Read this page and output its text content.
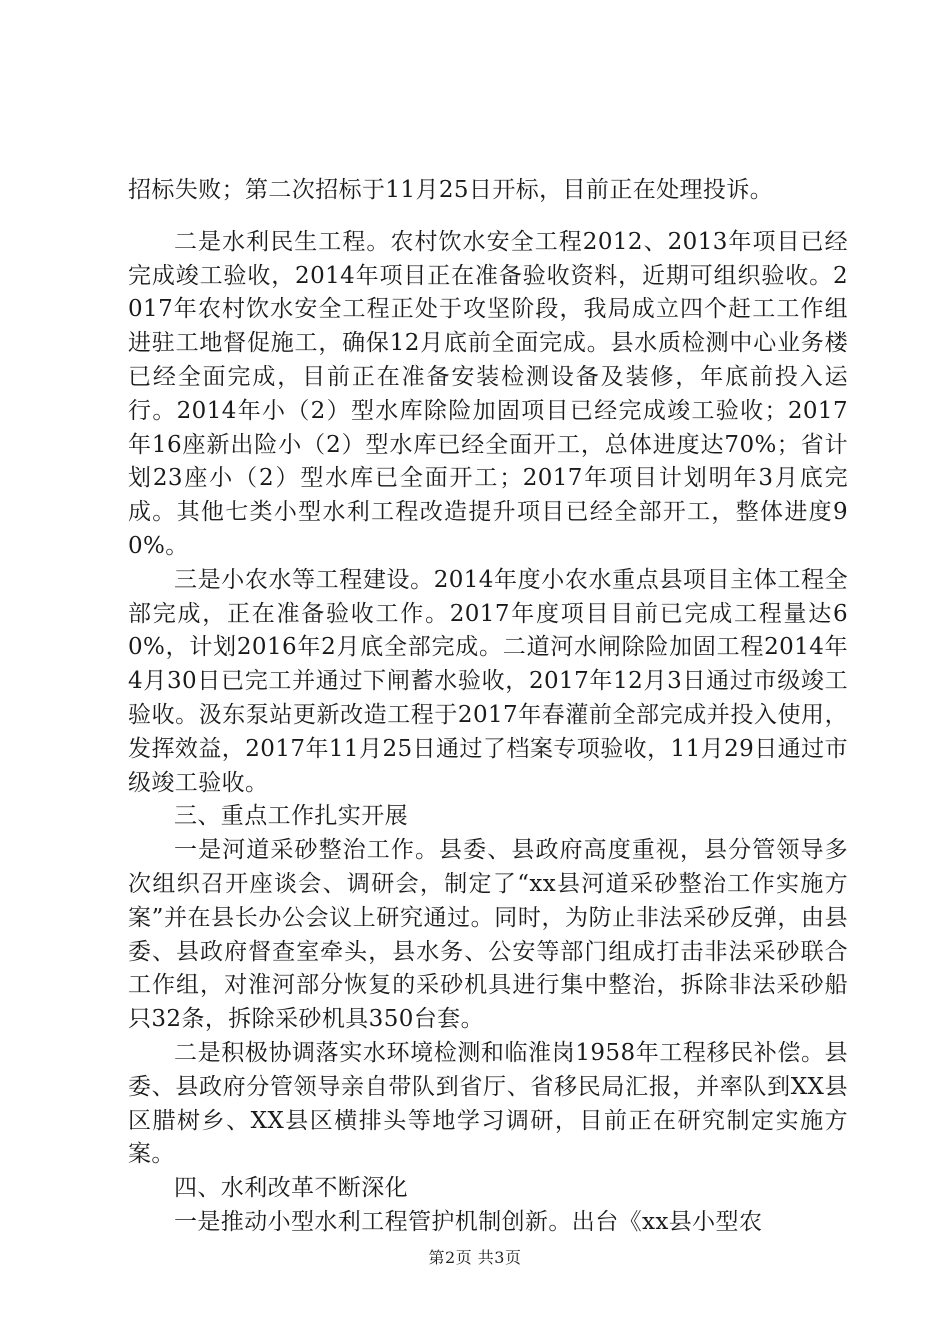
招标失败；第二次招标于11月25日开标，目前正在处理投诉。

二是水利民生工程。农村饮水安全工程2012、2013年项目已经完成竣工验收，2014年项目正在准备验收资料，近期可组织验收。2017年农村饮水安全工程正处于攻坚阶段，我局成立四个赶工工作组进驻工地督促施工，确保12月底前全面完成。县水质检测中心业务楼已经全面完成，目前正在准备安装检测设备及装修，年底前投入运行。2014年小（2）型水库除险加固项目已经完成竣工验收；2017年16座新出险小（2）型水库已经全面开工，总体进度达70%；省计划23座小（2）型水库已全面开工；2017年项目计划明年3月底完成。其他七类小型水利工程改造提升项目已经全部开工，整体进度90%。

三是小农水等工程建设。2014年度小农水重点县项目主体工程全部完成，正在准备验收工作。2017年度项目目前已完成工程量达60%，计划2016年2月底全部完成。二道河水闸除险加固工程2014年4月30日已完工并通过下闸蓄水验收，2017年12月3日通过市级竣工验收。汲东泵站更新改造工程于2017年春灌前全部完成并投入使用，发挥效益，2017年11月25日通过了档案专项验收，11月29日通过市级竣工验收。

三、重点工作扎实开展

一是河道采砂整治工作。县委、县政府高度重视，县分管领导多次组织召开座谈会、调研会，制定了“xx县河道采砂整治工作实施方案”并在县长办公会议上研究通过。同时，为防止非法采砂反弹，由县委、县政府督查室牵头，县水务、公安等部门组成打击非法采砂联合工作组，对淮河部分恢复的采砂机具进行集中整治，拆除非法采砂船只32条，拆除采砂机具350台套。

二是积极协调落实水环境检测和临淮岗1958年工程移民补偿。县委、县政府分管领导亲自带队到省厅、省移民局汇报，并率队到XX县区腊树乡、XX县区横排头等地学习调研，目前正在研究制定实施方案。

四、水利改革不断深化

一是推动小型水利工程管护机制创新。出台《xx县小型农

第2页 共3页
